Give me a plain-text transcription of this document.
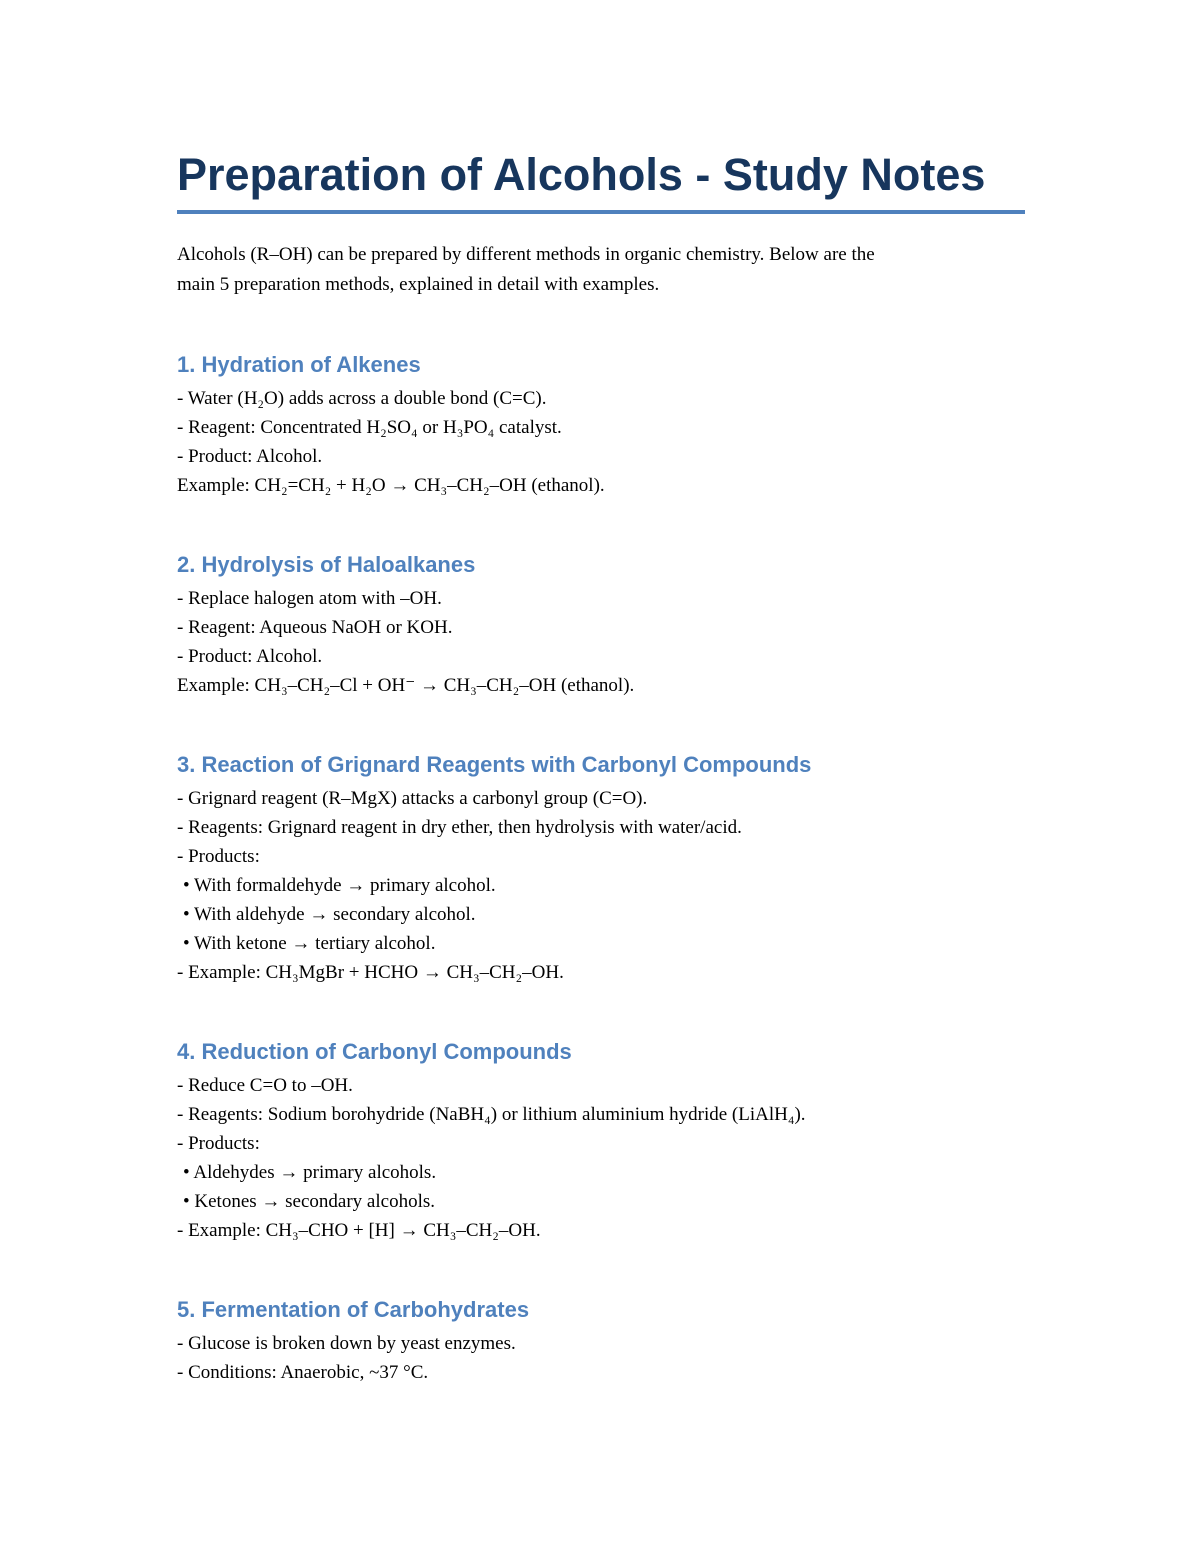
Preparation of Alcohols - Study Notes
Alcohols (R–OH) can be prepared by different methods in organic chemistry. Below are the
main 5 preparation methods, explained in detail with examples.
1. Hydration of Alkenes
- Water (H₂O) adds across a double bond (C=C).
- Reagent: Concentrated H₂SO₄ or H₃PO₄ catalyst.
- Product: Alcohol.
Example: CH₂=CH₂ + H₂O → CH₃–CH₂–OH (ethanol).
2. Hydrolysis of Haloalkanes
- Replace halogen atom with –OH.
- Reagent: Aqueous NaOH or KOH.
- Product: Alcohol.
Example: CH₃–CH₂–Cl + OH⁻ → CH₃–CH₂–OH (ethanol).
3. Reaction of Grignard Reagents with Carbonyl Compounds
- Grignard reagent (R–MgX) attacks a carbonyl group (C=O).
- Reagents: Grignard reagent in dry ether, then hydrolysis with water/acid.
- Products:
• With formaldehyde → primary alcohol.
• With aldehyde → secondary alcohol.
• With ketone → tertiary alcohol.
- Example: CH₃MgBr + HCHO → CH₃–CH₂–OH.
4. Reduction of Carbonyl Compounds
- Reduce C=O to –OH.
- Reagents: Sodium borohydride (NaBH₄) or lithium aluminium hydride (LiAlH₄).
- Products:
• Aldehydes → primary alcohols.
• Ketones → secondary alcohols.
- Example: CH₃–CHO + [H] → CH₃–CH₂–OH.
5. Fermentation of Carbohydrates
- Glucose is broken down by yeast enzymes.
- Conditions: Anaerobic, ~37 °C.
